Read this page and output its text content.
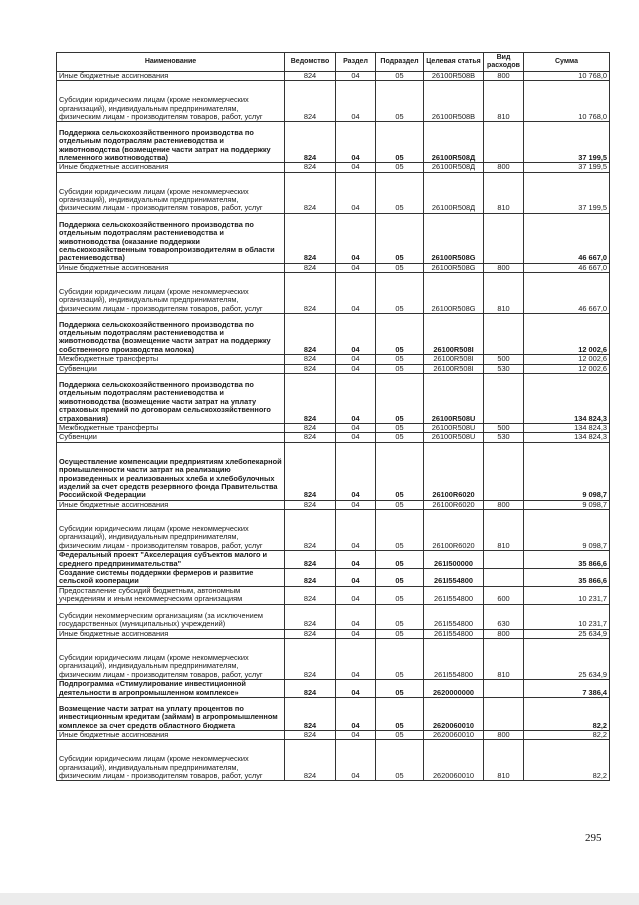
Наименование	Ведомство	Раздел	Подраздел	Целевая статья	Вид расходов	Сумма
Иные бюджетные ассигнования	824	04	05	26100R508B	800	10 768,0
Субсидии юридическим лицам (кроме некоммерческих организаций), индивидуальным предпринимателям, физическим лицам - производителям товаров, работ, услуг	824	04	05	26100R508B	810	10 768,0
Поддержка сельскохозяйственного производства по отдельным подотраслям растениеводства и животноводства (возмещение части затрат на поддержку племенного животноводства)	824	04	05	26100R508Д		37 199,5
Иные бюджетные ассигнования	824	04	05	26100R508Д	800	37 199,5
Субсидии юридическим лицам (кроме некоммерческих организаций), индивидуальным предпринимателям, физическим лицам - производителям товаров, работ, услуг	824	04	05	26100R508Д	810	37 199,5
Поддержка сельскохозяйственного производства по отдельным подотраслям растениеводства и животноводства (оказание поддержки сельскохозяйственным товаропроизводителям в области растениеводства)	824	04	05	26100R508G		46 667,0
Иные бюджетные ассигнования	824	04	05	26100R508G	800	46 667,0
Субсидии юридическим лицам (кроме некоммерческих организаций), индивидуальным предпринимателям, физическим лицам - производителям товаров, работ, услуг	824	04	05	26100R508G	810	46 667,0
Поддержка сельскохозяйственного производства по отдельным подотраслям растениеводства и животноводства (возмещение части затрат на поддержку собственного производства молока)	824	04	05	26100R508I		12 002,6
Межбюджетные трансферты	824	04	05	26100R508I	500	12 002,6
Субвенции	824	04	05	26100R508I	530	12 002,6
Поддержка сельскохозяйственного производства по отдельным подотраслям растениеводства и животноводства (возмещение части затрат на уплату страховых премий по договорам сельскохозяйственного страхования)	824	04	05	26100R508U		134 824,3
Межбюджетные трансферты	824	04	05	26100R508U	500	134 824,3
Субвенции	824	04	05	26100R508U	530	134 824,3
Осуществление компенсации предприятиям хлебопекарной промышленности части затрат на реализацию произведенных и реализованных хлеба и хлебобулочных изделий за счет средств резервного фонда Правительства Российской Федерации	824	04	05	26100R6020		9 098,7
Иные бюджетные ассигнования	824	04	05	26100R6020	800	9 098,7
Субсидии юридическим лицам (кроме некоммерческих организаций), индивидуальным предпринимателям, физическим лицам - производителям товаров, работ, услуг	824	04	05	26100R6020	810	9 098,7
Федеральный проект "Акселерация субъектов малого и среднего предпринимательства"	824	04	05	261I500000		35 866,6
Создание системы поддержки фермеров и развитие сельской кооперации	824	04	05	261I554800		35 866,6
Предоставление субсидий бюджетным, автономным учреждениям и иным некоммерческим организациям	824	04	05	261I554800	600	10 231,7
Субсидии некоммерческим организациям (за исключением государственных (муниципальных) учреждений)	824	04	05	261I554800	630	10 231,7
Иные бюджетные ассигнования	824	04	05	261I554800	800	25 634,9
Субсидии юридическим лицам (кроме некоммерческих организаций), индивидуальным предпринимателям, физическим лицам - производителям товаров, работ, услуг	824	04	05	261I554800	810	25 634,9
Подпрограмма «Стимулирование инвестиционной деятельности в агропромышленном комплексе»	824	04	05	2620000000		7 386,4
Возмещение части затрат на уплату процентов по инвестиционным кредитам (займам) в агропромышленном комплексе за счет средств областного бюджета	824	04	05	2620060010		82,2
Иные бюджетные ассигнования	824	04	05	2620060010	800	82,2
Субсидии юридическим лицам (кроме некоммерческих организаций), индивидуальным предпринимателям, физическим лицам - производителям товаров, работ, услуг	824	04	05	2620060010	810	82,2
295
